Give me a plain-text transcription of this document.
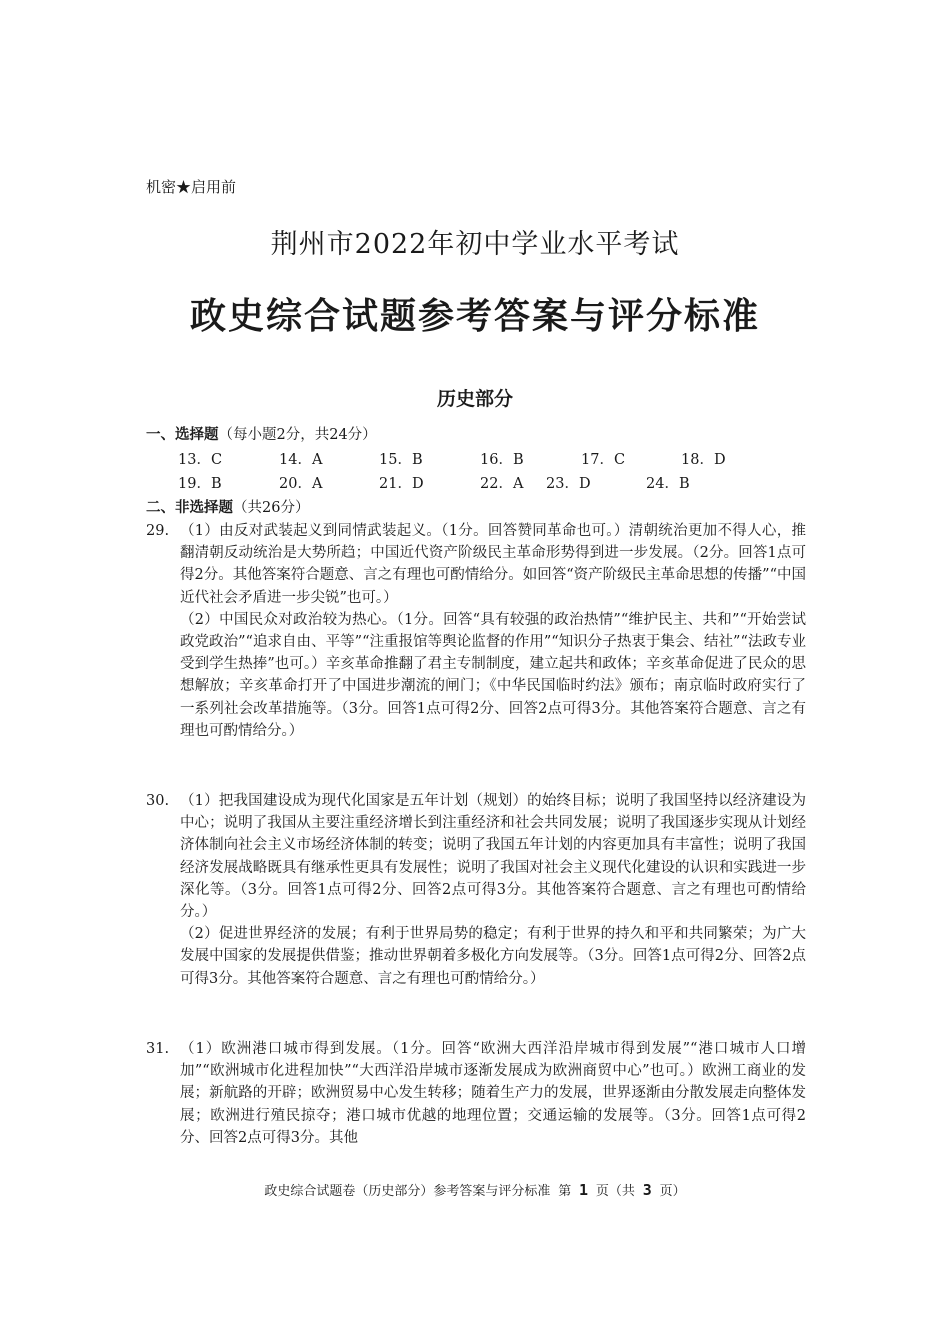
机密★启用前
荆州市2022年初中学业水平考试
政史综合试题参考答案与评分标准
历史部分
一、选择题（每小题2分，共24分）
13．C	14．A	15．B	16．B	17．C	18．D
19．B	20．A	21．D	22．A 23．D	24．B
二、非选择题（共26分）
29. （1）由反对武装起义到同情武装起义。（1分。回答赞同革命也可。）清朝统治更加不得人心，推翻清朝反动统治是大势所趋；中国近代资产阶级民主革命形势得到进一步发展。（2分。回答1点可得2分。其他答案符合题意、言之有理也可酌情给分。如回答“资产阶级民主革命思想的传播”“中国近代社会矛盾进一步尖锐”也可。）

（2）中国民众对政治较为热心。（1分。回答“具有较强的政治热情”“维护民主、共和”“开始尝试政党政治”“追求自由、平等”“注重报馆等舆论监督的作用”“知识分子热衷于集会、结社”“法政专业受到学生热捧”也可。）辛亥革命推翻了君主专制制度，建立起共和政体；辛亥革命促进了民众的思想解放；辛亥革命打开了中国进步潮流的闸门；《中华民国临时约法》颁布；南京临时政府实行了一系列社会改革措施等。（3分。回答1点可得2分、回答2点可得3分。其他答案符合题意、言之有理也可酌情给分。）

30. （1）把我国建设成为现代化国家是五年计划（规划）的始终目标；说明了我国坚持以经济建设为中心；说明了我国从主要注重经济增长到注重经济和社会共同发展；说明了我国逐步实现从计划经济体制向社会主义市场经济体制的转变；说明了我国五年计划的内容更加具有丰富性；说明了我国经济发展战略既具有继承性更具有发展性；说明了我国对社会主义现代化建设的认识和实践进一步深化等。（3分。回答1点可得2分、回答2点可得3分。其他答案符合题意、言之有理也可酌情给分。）

（2）促进世界经济的发展；有利于世界局势的稳定；有利于世界的持久和平和共同繁荣；为广大发展中国家的发展提供借鉴；推动世界朝着多极化方向发展等。（3分。回答1点可得2分、回答2点可得3分。其他答案符合题意、言之有理也可酌情给分。）

31. （1）欧洲港口城市得到发展。（1分。回答“欧洲大西洋沿岸城市得到发展”“港口城市人口增加”“欧洲城市化进程加快”“大西洋沿岸城市逐渐发展成为欧洲商贸中心”也可。）欧洲工商业的发展；新航路的开辟；欧洲贸易中心发生转移；随着生产力的发展，世界逐渐由分散发展走向整体发展；欧洲进行殖民掠夺；港口城市优越的地理位置；交通运输的发展等。（3分。回答1点可得2分、回答2点可得3分。其他

政史综合试题卷（历史部分）参考答案与评分标准 第 1 页（共 3 页）
